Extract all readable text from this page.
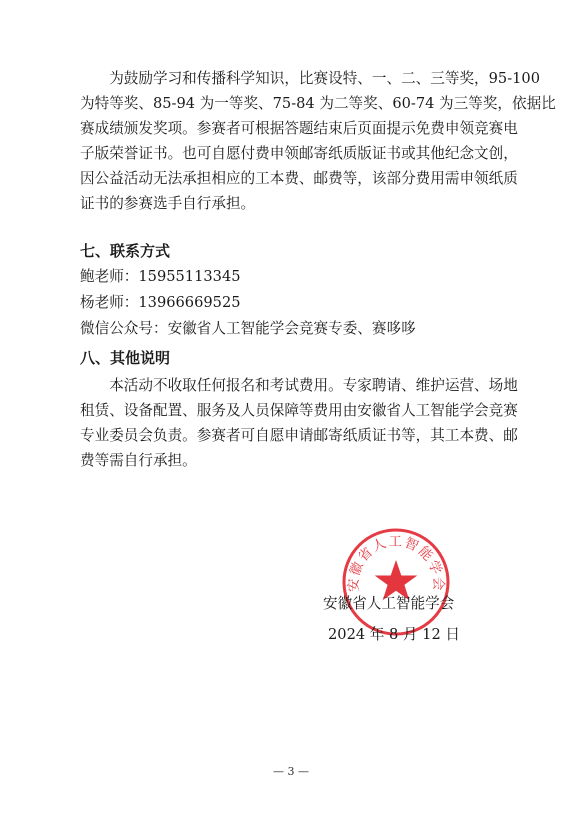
为鼓励学习和传播科学知识，比赛设特、一、二、三等奖，95-100
为特等奖、85-94 为一等奖、75-84 为二等奖、60-74 为三等奖，依据比
赛成绩颁发奖项。参赛者可根据答题结束后页面提示免费申领竞赛电
子版荣誉证书。也可自愿付费申领邮寄纸质版证书或其他纪念文创，
因公益活动无法承担相应的工本费、邮费等，该部分费用需申领纸质
证书的参赛选手自行承担。

七、联系方式

鲍老师：15955113345

杨老师：13966669525

微信公众号：安徽省人工智能学会竞赛专委、赛哆哆

八、其他说明

本活动不收取任何报名和考试费用。专家聘请、维护运营、场地
租赁、设备配置、服务及人员保障等费用由安徽省人工智能学会竞赛
专业委员会负责。参赛者可自愿申请邮寄纸质证书等，其工本费、邮
费等需自行承担。

安徽省人工智能学会
安徽省人工智能学会
2024 年 8 月 12 日
— 3 —
